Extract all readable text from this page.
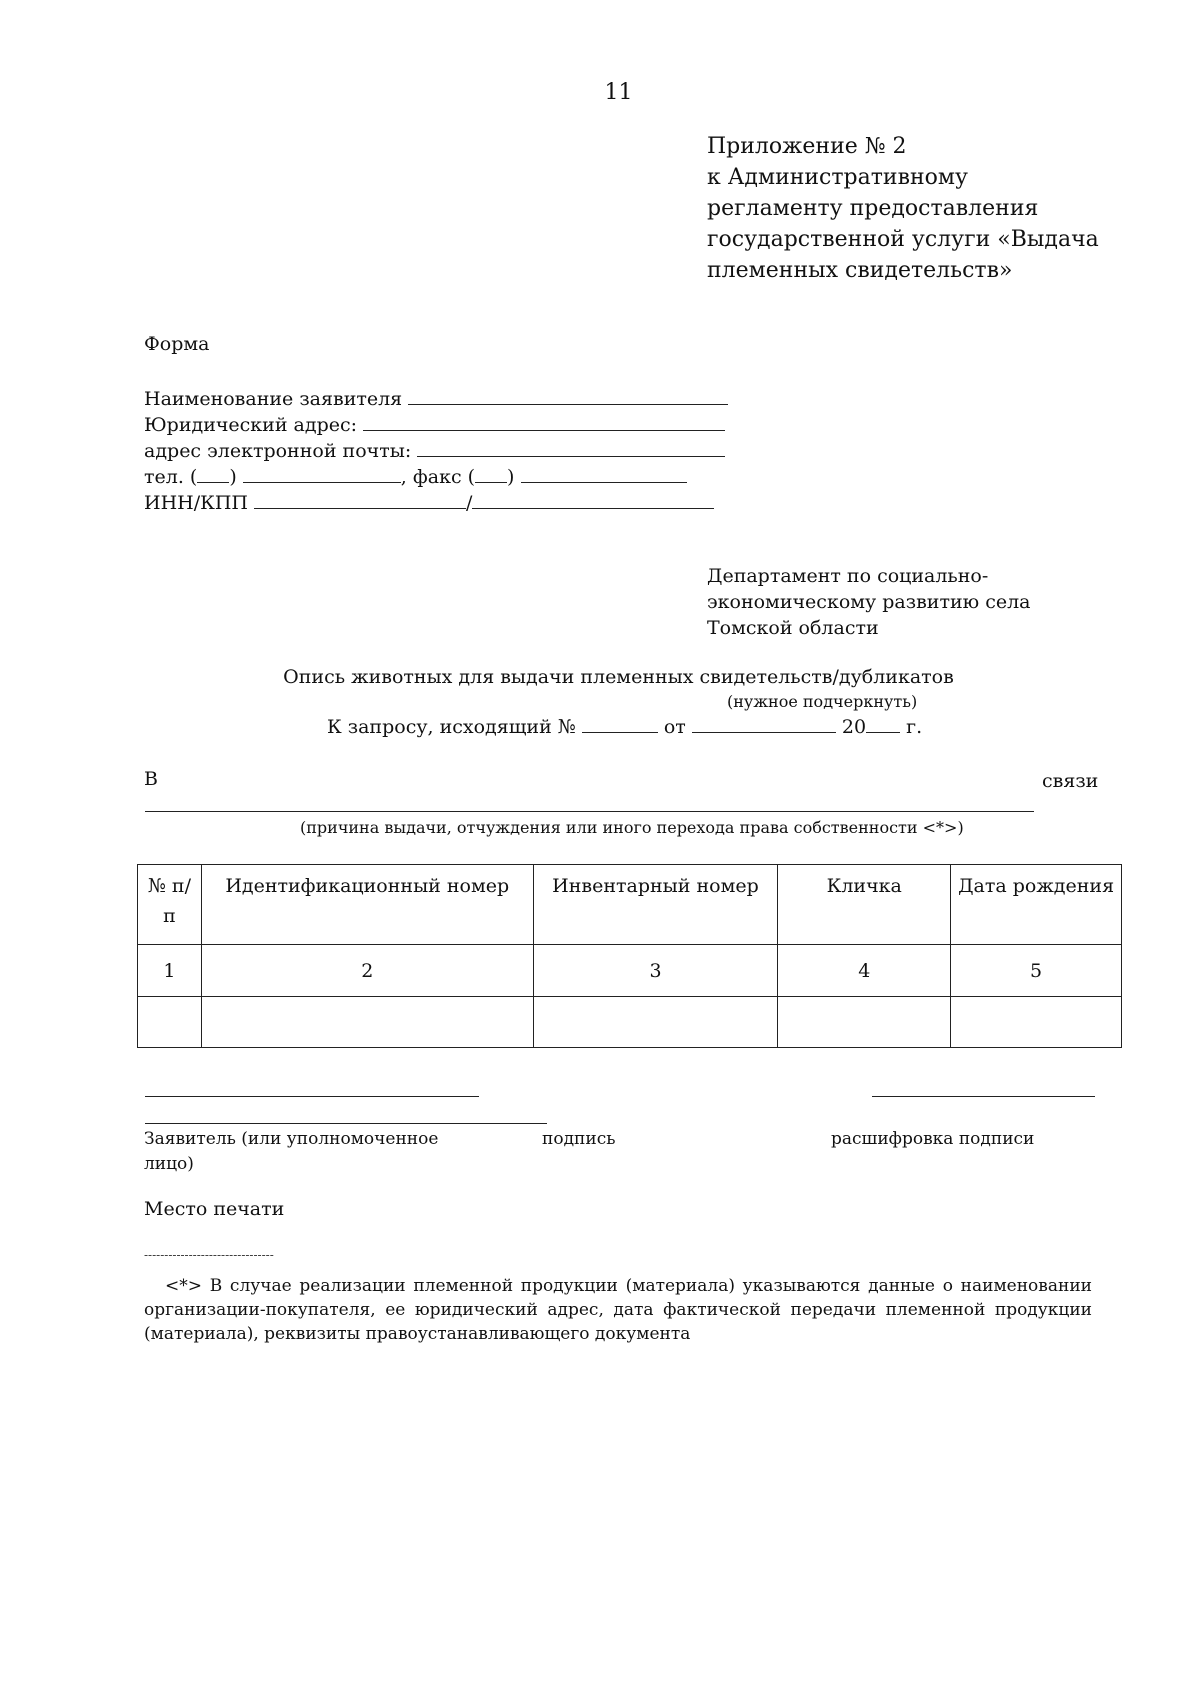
11
Приложение № 2
к Административному
регламенту предоставления
государственной услуги «Выдача
племенных свидетельств»
Форма
Наименование заявителя
Юридический адрес:
адрес электронной почты:
тел. ( )	, факс ( )
ИНН/КПП	/
Департамент по социально-
экономическому развитию села
Томской области
Опись животных для выдачи племенных свидетельств/дубликатов
(нужное подчеркнуть)
К запросу, исходящий №	от	20 г.
В	связи
(причина выдачи, отчуждения или иного перехода права собственности <*>)
№ п/п	Идентификационный номер	Инвентарный номер	Кличка	Дата рождения
1	2	3	4	5

Заявитель (или уполномоченное лицо)
подпись	расшифровка подписи
Место печати
--------------------------------
<*> В случае реализации племенной продукции (материала) указываются данные о наименовании организации-покупателя, ее юридический адрес, дата фактической передачи племенной продукции (материала), реквизиты правоустанавливающего документа
